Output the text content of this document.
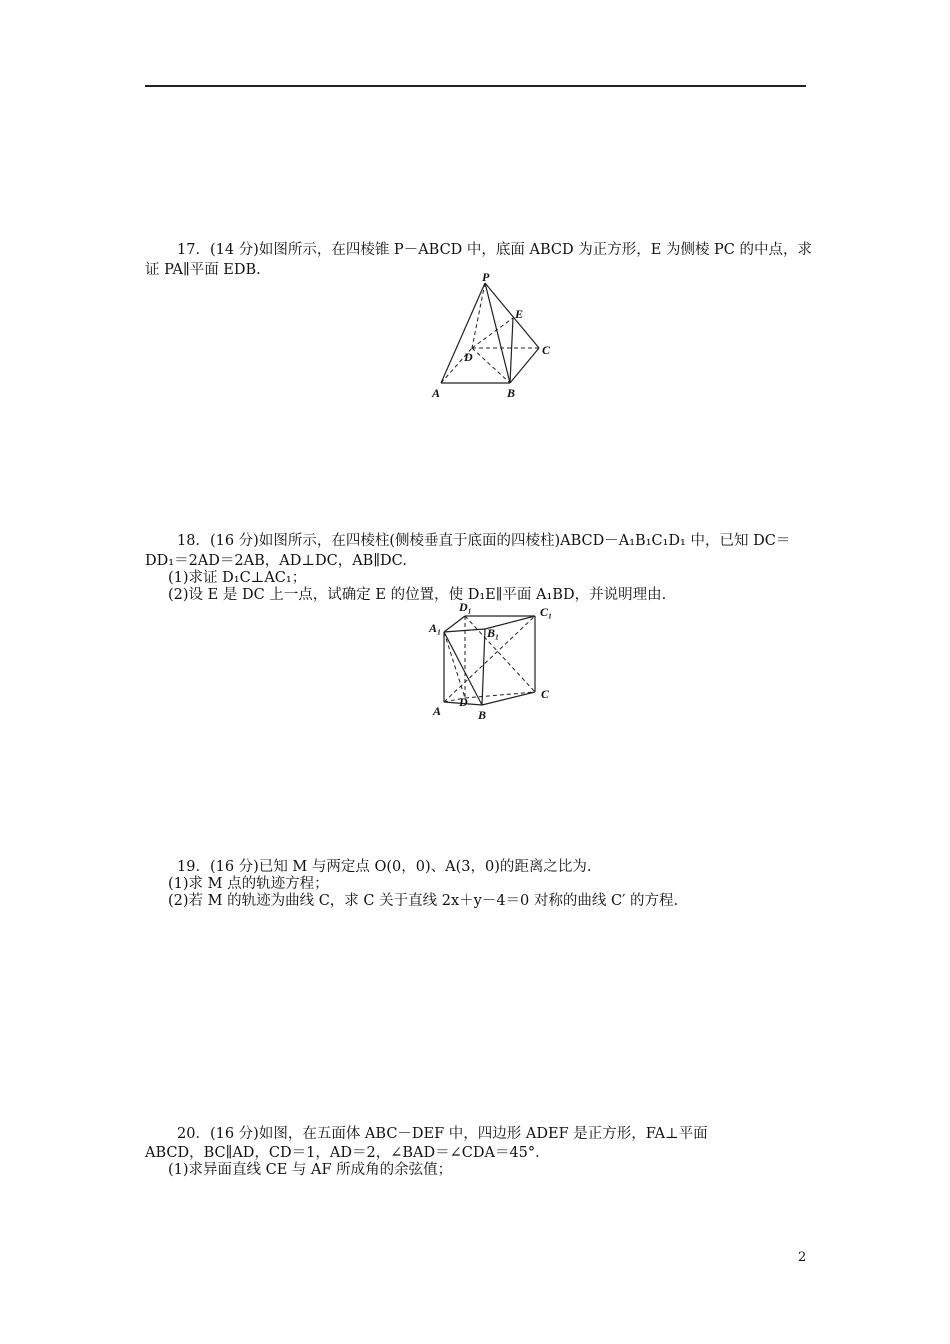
17．(14 分)如图所示，在四棱锥 P－ABCD 中，底面 ABCD 为正方形，E 为侧棱 PC 的中点，求
证 PA∥平面 EDB.	P
E
D	C
A	B
18．(16 分)如图所示，在四棱柱(侧棱垂直于底面的四棱柱)ABCD－A₁B₁C₁D₁ 中，已知 DC＝
DD₁＝2AD＝2AB，AD⊥DC，AB∥DC.
(1)求证 D₁C⊥AC₁；
(2)设 E 是 DC 上一点，试确定 E 的位置，使 D₁E∥平面 A₁BD，并说明理由.
A₁
D₁
B₁
C₁
A
D
B
C
19．(16 分)已知 M 与两定点 O(0，0)、A(3，0)的距离之比为.
(1)求 M 点的轨迹方程；
(2)若 M 的轨迹为曲线 C，求 C 关于直线 2x＋y－4＝0 对称的曲线 C′ 的方程.
20．(16 分)如图，在五面体 ABC－DEF 中，四边形 ADEF 是正方形，FA⊥平面
ABCD，BC∥AD，CD＝1，AD＝2，∠BAD＝∠CDA＝45°．
(1)求异面直线 CE 与 AF 所成角的余弦值；
2
